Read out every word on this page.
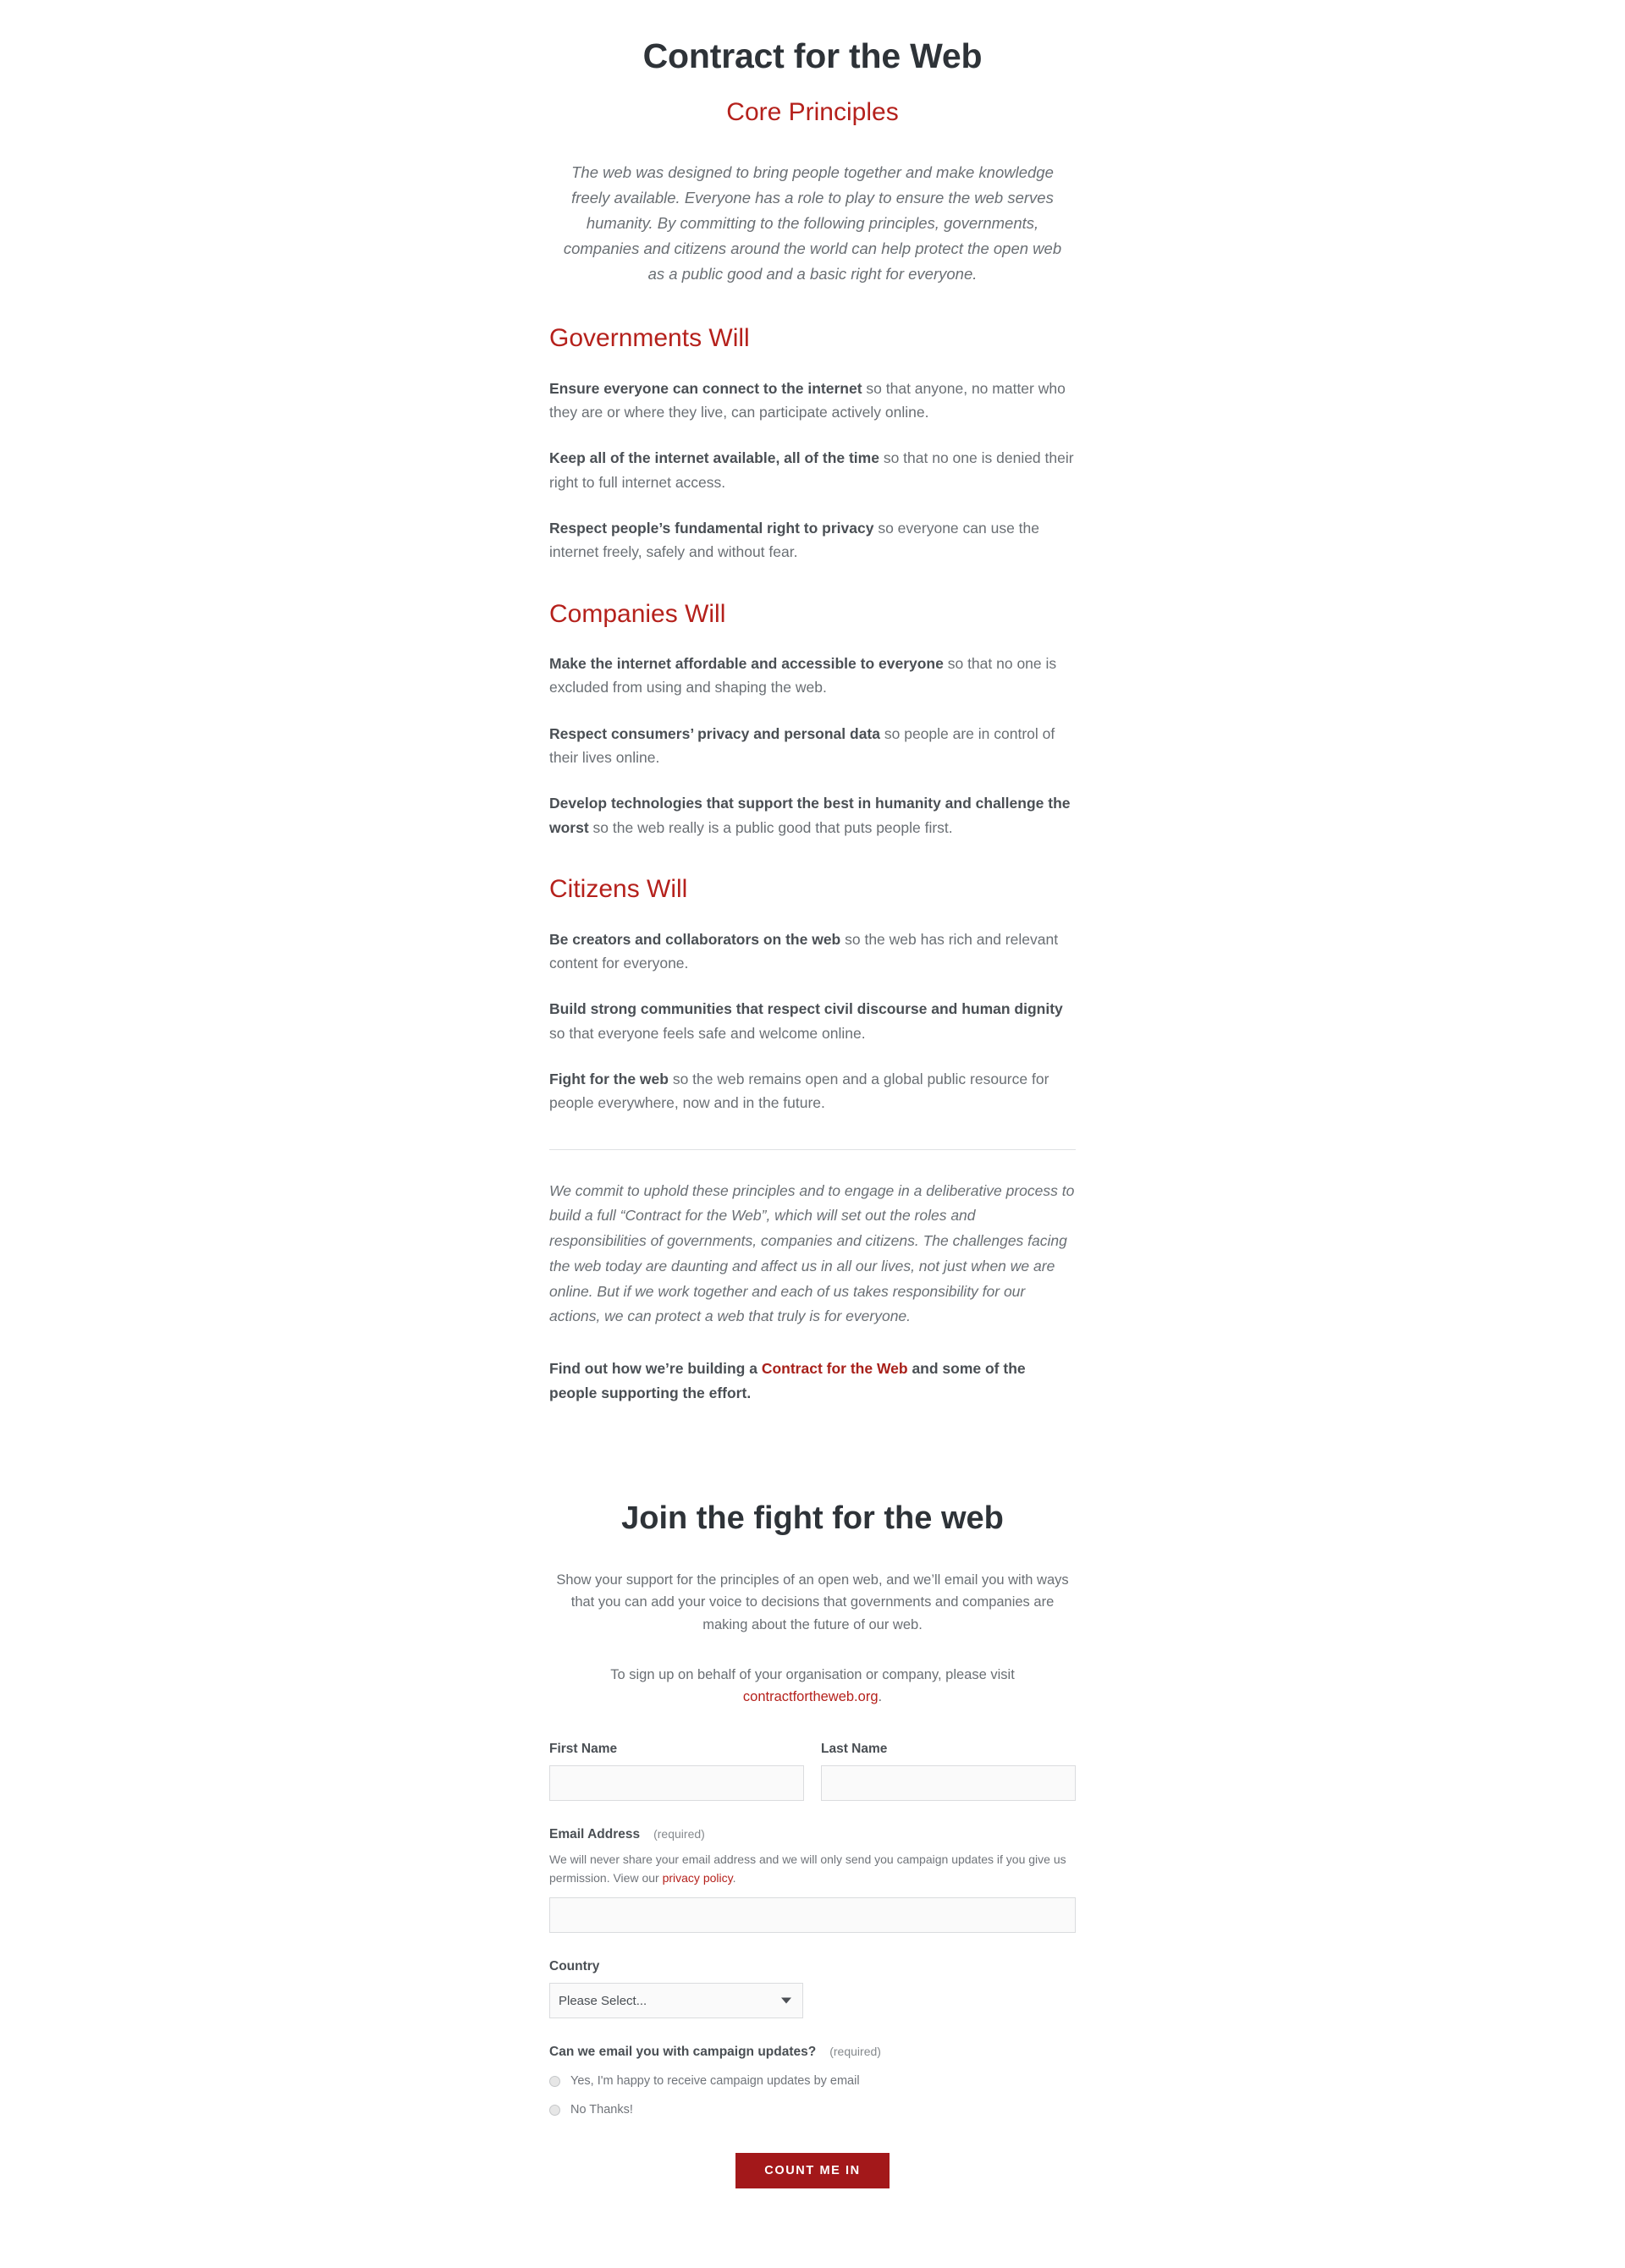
Contract for the Web
Core Principles

The web was designed to bring people together and make knowledge freely available. Everyone has a role to play to ensure the web serves humanity. By committing to the following principles, governments, companies and citizens around the world can help protect the open web as a public good and a basic right for everyone.

Governments Will

Ensure everyone can connect to the internet so that anyone, no matter who they are or where they live, can participate actively online.

Keep all of the internet available, all of the time so that no one is denied their right to full internet access.

Respect people’s fundamental right to privacy so everyone can use the internet freely, safely and without fear.

Companies Will

Make the internet affordable and accessible to everyone so that no one is excluded from using and shaping the web.

Respect consumers’ privacy and personal data so people are in control of their lives online.

Develop technologies that support the best in humanity and challenge the worst so the web really is a public good that puts people first.

Citizens Will

Be creators and collaborators on the web so the web has rich and relevant content for everyone.

Build strong communities that respect civil discourse and human dignity so that everyone feels safe and welcome online.

Fight for the web so the web remains open and a global public resource for people everywhere, now and in the future.

We commit to uphold these principles and to engage in a deliberative process to build a full “Contract for the Web”, which will set out the roles and responsibilities of governments, companies and citizens. The challenges facing the web today are daunting and affect us in all our lives, not just when we are online. But if we work together and each of us takes responsibility for our actions, we can protect a web that truly is for everyone.

Find out how we’re building a Contract for the Web and some of the people supporting the effort.

Join the fight for the web

Show your support for the principles of an open web, and we’ll email you with ways that you can add your voice to decisions that governments and companies are making about the future of our web.

To sign up on behalf of your organisation or company, please visit contractfortheweb.org.

First Name	Last Name
Email Address (required)

We will never share your email address and we will only send you campaign updates if you give us permission. View our privacy policy.

Country
Please Select...
Can we email you with campaign updates? (required)
Yes, I'm happy to receive campaign updates by email
No Thanks!
COUNT ME IN
